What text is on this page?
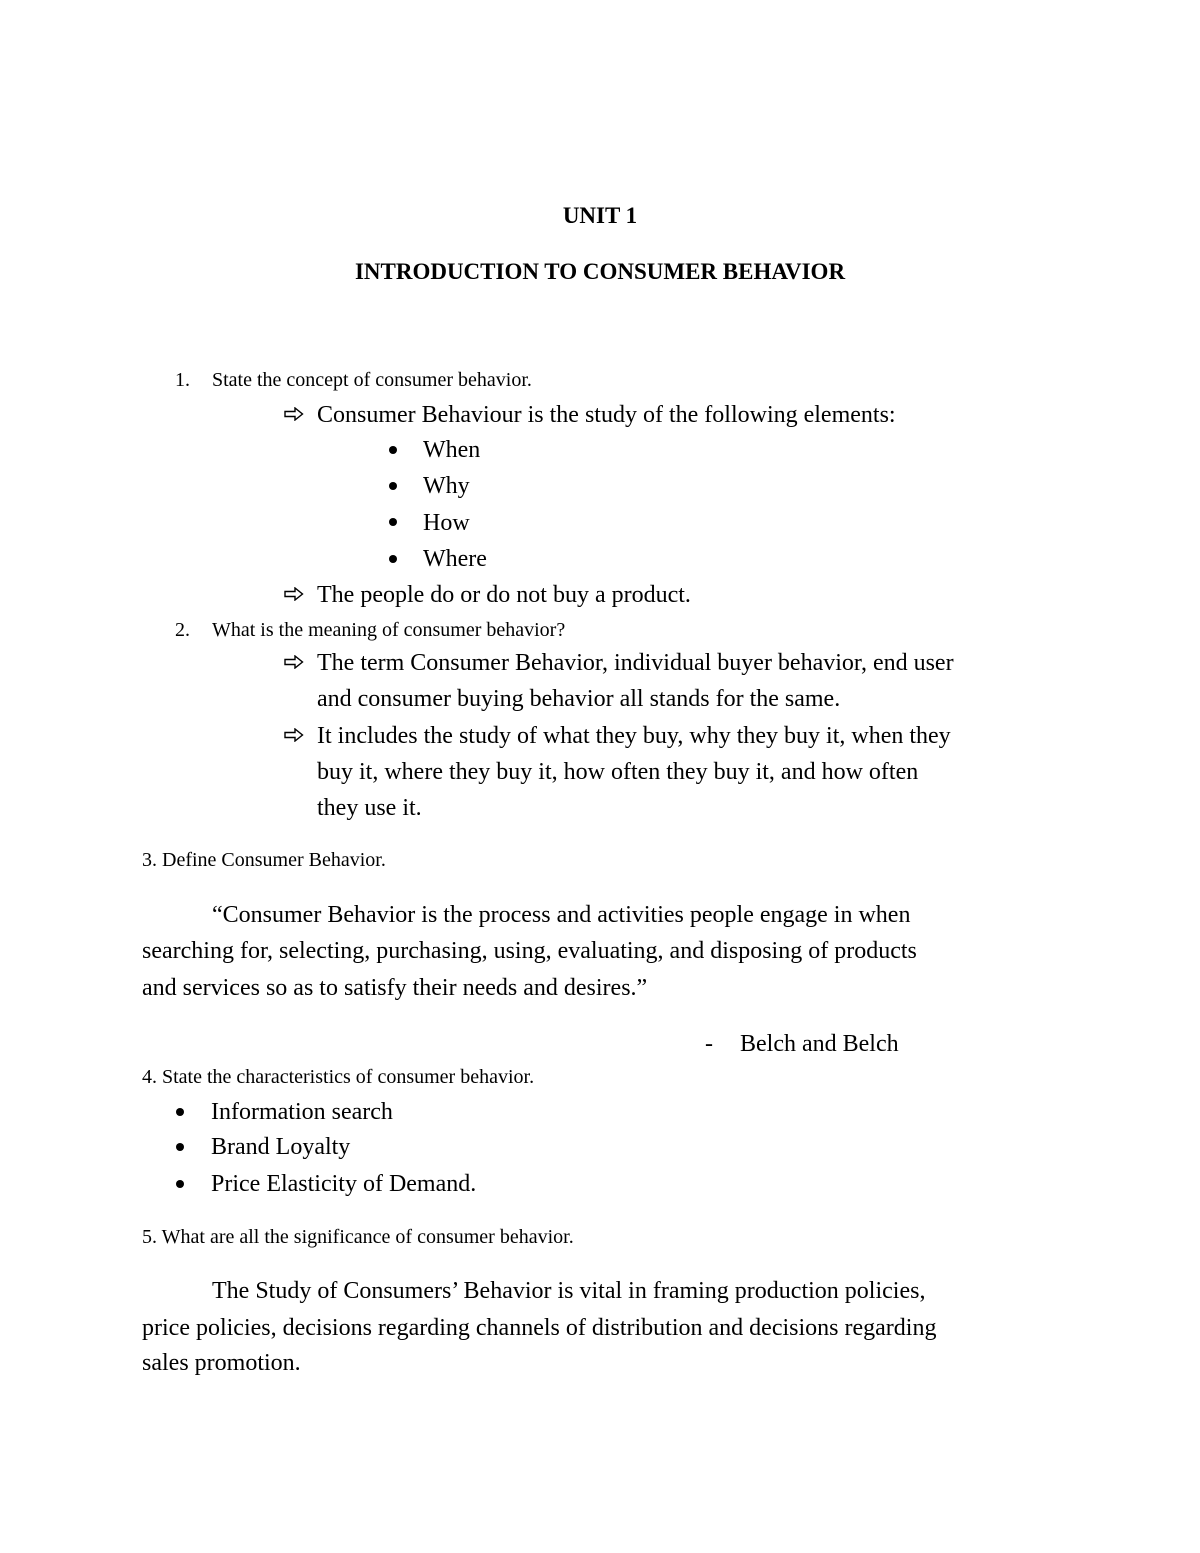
UNIT 1
INTRODUCTION TO CONSUMER BEHAVIOR
1. State the concept of consumer behavior.
Consumer Behaviour is the study of the following elements:
When
Why
How
Where
The people do or do not buy a product.
2. What is the meaning of consumer behavior?
The term Consumer Behavior, individual buyer behavior, end user
and consumer buying behavior all stands for the same.
It includes the study of what they buy, why they buy it, when they
buy it, where they buy it, how often they buy it, and how often
they use it.
3. Define Consumer Behavior.
“Consumer Behavior is the process and activities people engage in when
searching for, selecting, purchasing, using, evaluating, and disposing of products
and services so as to satisfy their needs and desires.”
- Belch and Belch
4. State the characteristics of consumer behavior.
Information search
Brand Loyalty
Price Elasticity of Demand.
5. What are all the significance of consumer behavior.
The Study of Consumers’ Behavior is vital in framing production policies,
price policies, decisions regarding channels of distribution and decisions regarding
sales promotion.
